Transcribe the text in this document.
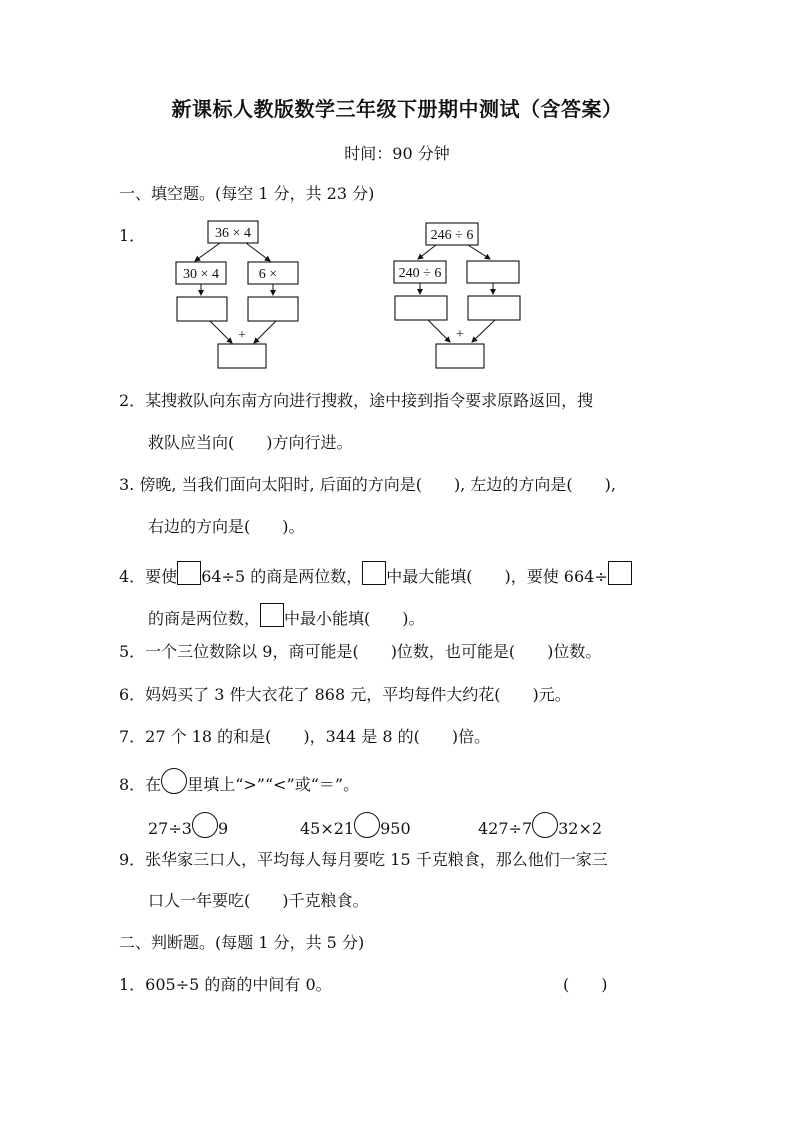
新课标人教版数学三年级下册期中测试（含答案）
时间：90 分钟
一、填空题。(每空 1 分，共 23 分)
1．	36 × 4
30 × 4	6 ×
+
246 ÷ 6
240 ÷ 6
+
2．某搜救队向东南方向进行搜救，途中接到指令要求原路返回，搜
救队应当向(　　)方向行进。
3. 傍晚, 当我们面向太阳时, 后面的方向是(　　), 左边的方向是(　　),
右边的方向是(　　)。
4．要使 64÷5 的商是两位数， 中最大能填(　　)，要使 664÷
的商是两位数， 中最小能填(　　)。
5．一个三位数除以 9，商可能是(　　)位数，也可能是(　　)位数。
6．妈妈买了 3 件大衣花了 868 元，平均每件大约花(　　)元。
7．27 个 18 的和是(　　)，344 是 8 的(　　)倍。
8．在 里填上“>”“<”或“＝”。
27÷3 9	45×21 950	427÷7 32×2
9．张华家三口人，平均每人每月要吃 15 千克粮食，那么他们一家三
口人一年要吃(　　)千克粮食。
二、判断题。(每题 1 分，共 5 分)
1．605÷5 的商的中间有 0。	(　　)
